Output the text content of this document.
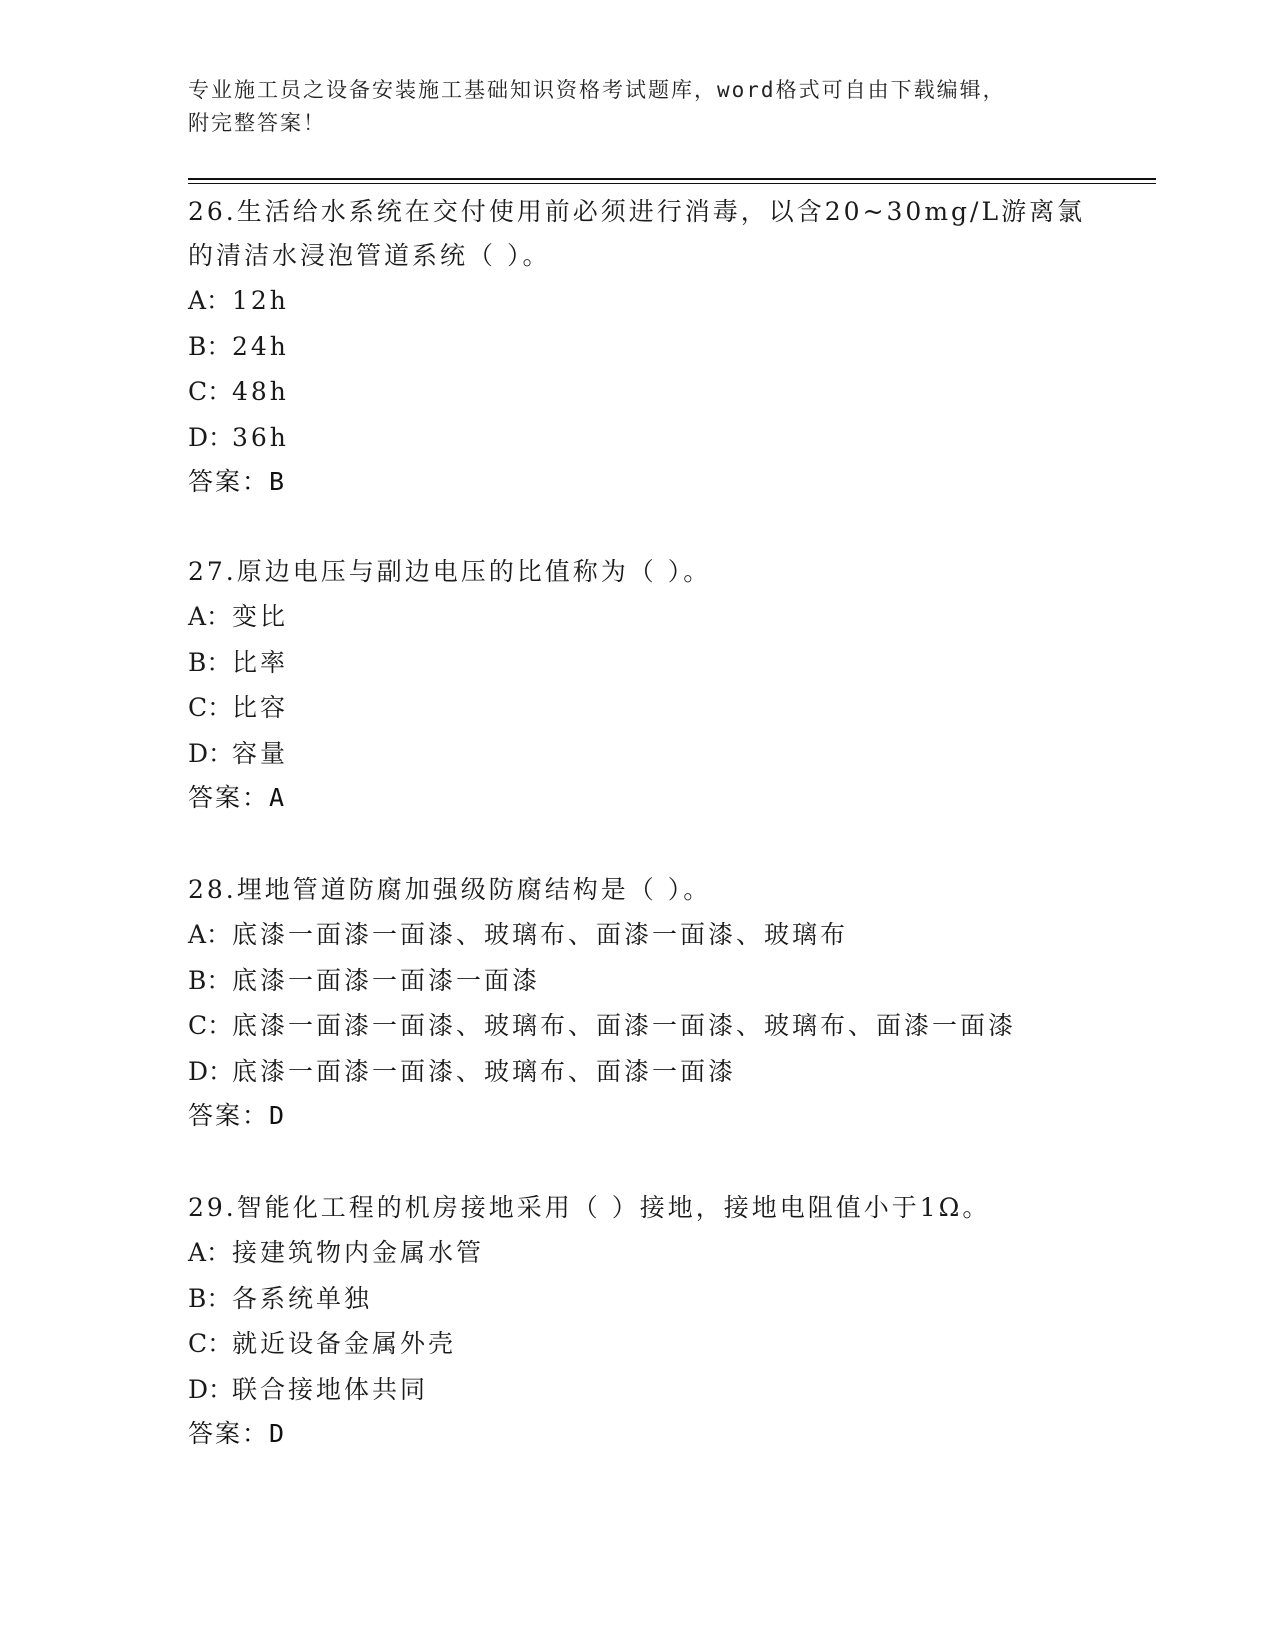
专业施工员之设备安装施工基础知识资格考试题库，word格式可自由下载编辑，
附完整答案！

26.生活给水系统在交付使用前必须进行消毒，以含20~30mg/L游离氯

的清洁水浸泡管道系统（ ）。

A：12h

B：24h

C：48h

D：36h

答案：B

27.原边电压与副边电压的比值称为（ ）。

A：变比

B：比率

C：比容

D：容量

答案：A

28.埋地管道防腐加强级防腐结构是（ ）。

A：底漆一面漆一面漆、玻璃布、面漆一面漆、玻璃布

B：底漆一面漆一面漆一面漆

C：底漆一面漆一面漆、玻璃布、面漆一面漆、玻璃布、面漆一面漆

D：底漆一面漆一面漆、玻璃布、面漆一面漆

答案：D

29.智能化工程的机房接地采用（ ）接地，接地电阻值小于1Ω。

A：接建筑物内金属水管

B：各系统单独

C：就近设备金属外壳

D：联合接地体共同

答案：D
